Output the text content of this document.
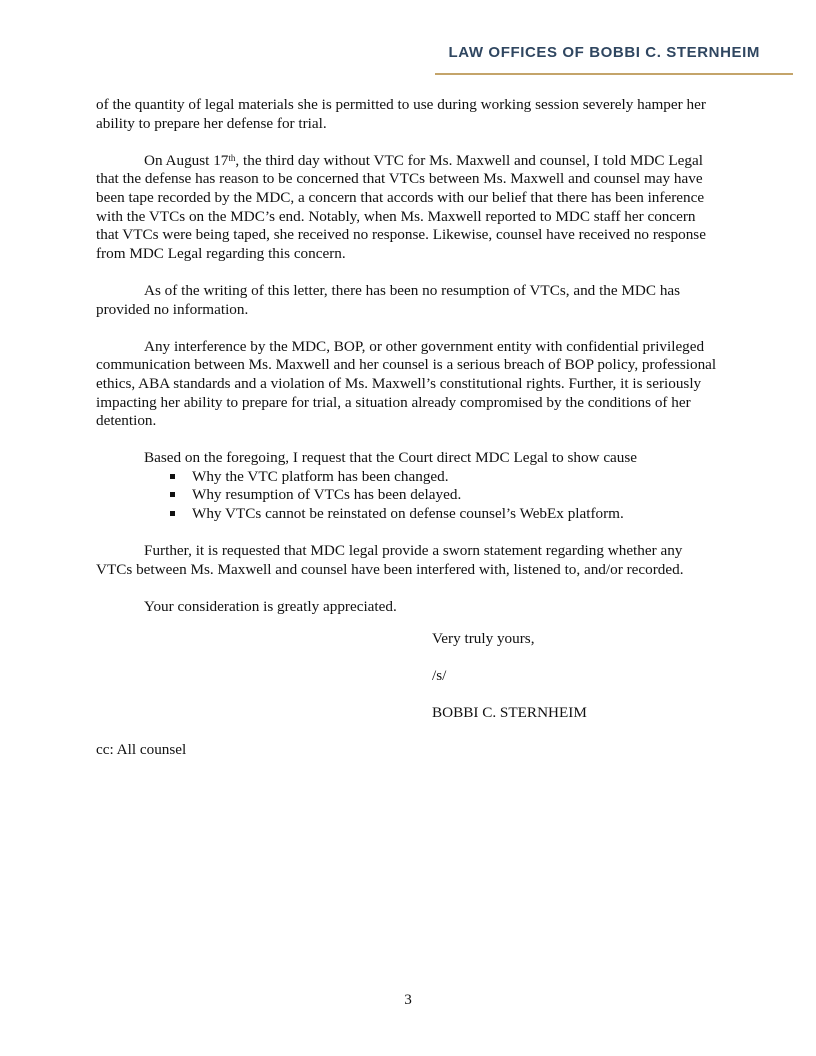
LAW OFFICES OF BOBBI C. STERNHEIM

of the quantity of legal materials she is permitted to use during working session severely hamper her ability to prepare her defense for trial.

On August 17th, the third day without VTC for Ms. Maxwell and counsel, I told MDC Legal that the defense has reason to be concerned that VTCs between Ms. Maxwell and counsel may have been tape recorded by the MDC, a concern that accords with our belief that there has been inference with the VTCs on the MDC’s end. Notably, when Ms. Maxwell reported to MDC staff her concern that VTCs were being taped, she received no response. Likewise, counsel have received no response from MDC Legal regarding this concern.

As of the writing of this letter, there has been no resumption of VTCs, and the MDC has provided no information.

Any interference by the MDC, BOP, or other government entity with confidential privileged communication between Ms. Maxwell and her counsel is a serious breach of BOP policy, professional ethics, ABA standards and a violation of Ms. Maxwell’s constitutional rights. Further, it is seriously impacting her ability to prepare for trial, a situation already compromised by the conditions of her detention.

Based on the foregoing, I request that the Court direct MDC Legal to show cause

Why the VTC platform has been changed.
Why resumption of VTCs has been delayed.
Why VTCs cannot be reinstated on defense counsel’s WebEx platform.

Further, it is requested that MDC legal provide a sworn statement regarding whether any VTCs between Ms. Maxwell and counsel have been interfered with, listened to, and/or recorded.

Your consideration is greatly appreciated.

Very truly yours,
/s/
BOBBI C. STERNHEIM
cc: All counsel
3
